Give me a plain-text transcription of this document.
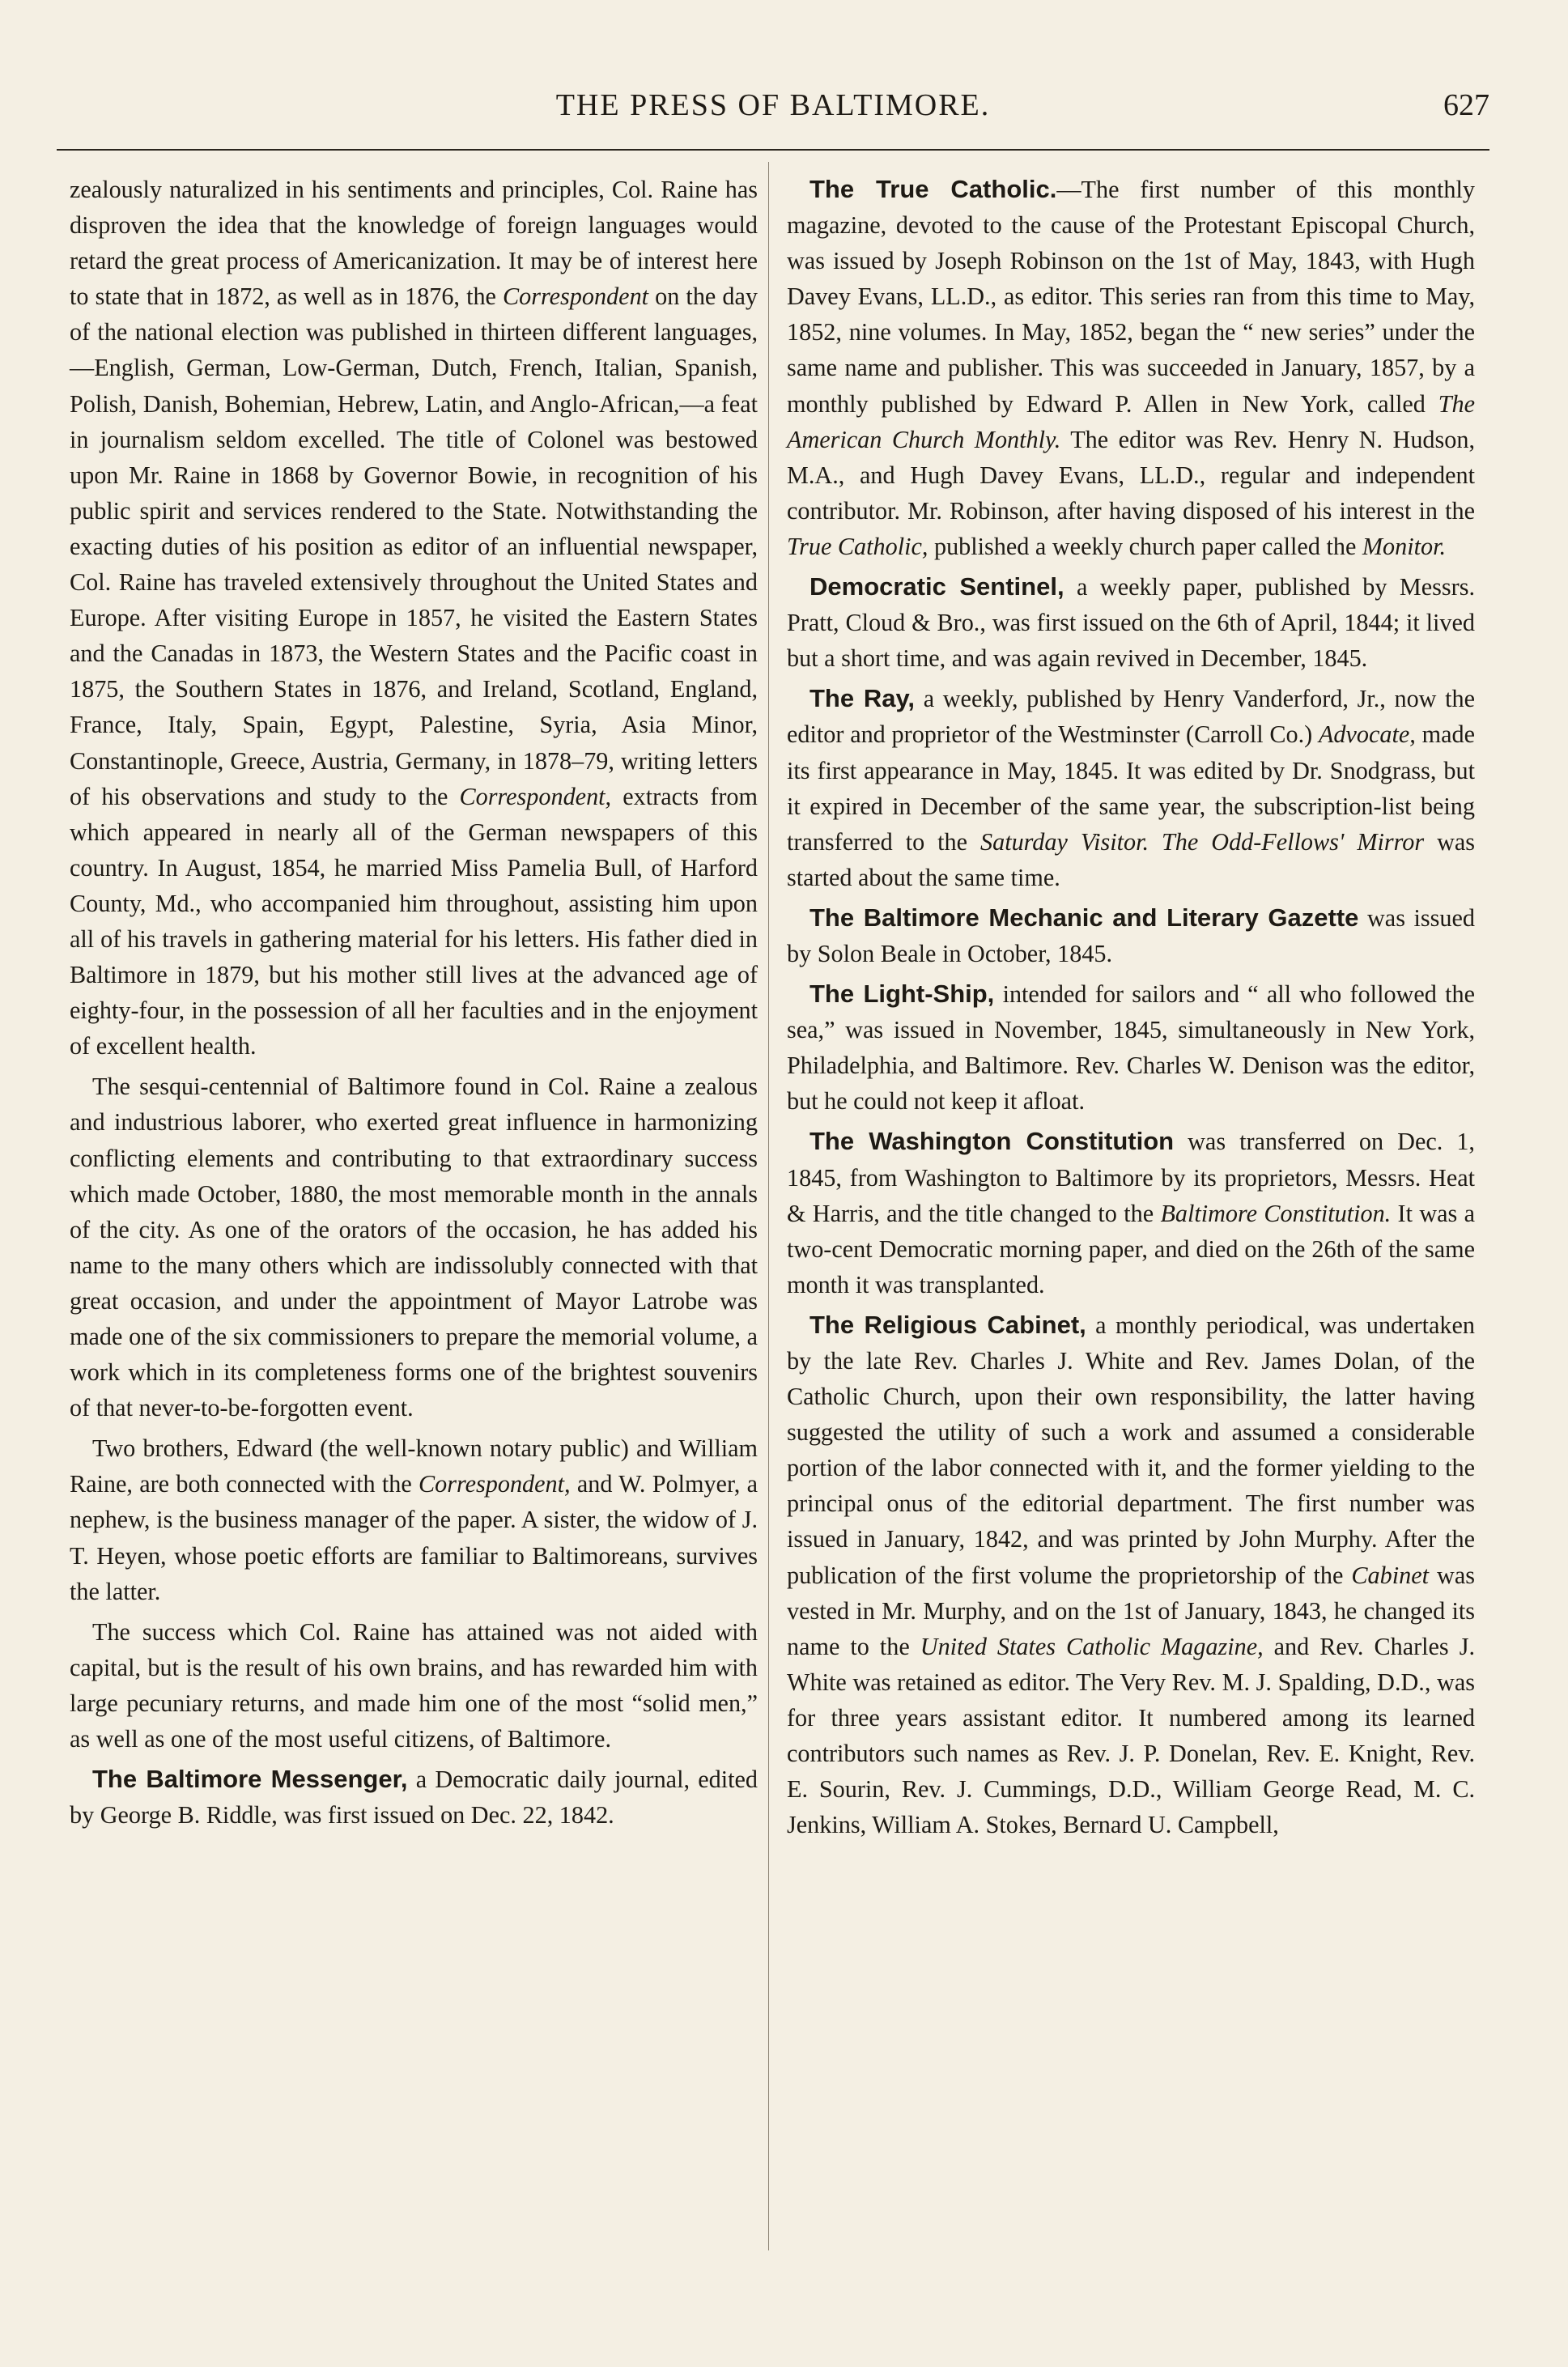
THE PRESS OF BALTIMORE.	627

zealously naturalized in his sentiments and principles, Col. Raine has disproven the idea that the knowledge of foreign languages would retard the great process of Americanization. It may be of interest here to state that in 1872, as well as in 1876, the Correspondent on the day of the national election was published in thirteen different languages,—English, German, Low-German, Dutch, French, Italian, Spanish, Polish, Danish, Bohemian, Hebrew, Latin, and Anglo-African,—a feat in journalism seldom excelled. The title of Colonel was bestowed upon Mr. Raine in 1868 by Governor Bowie, in recognition of his public spirit and services rendered to the State. Notwithstanding the exacting duties of his position as editor of an influential newspaper, Col. Raine has traveled extensively throughout the United States and Europe. After visiting Europe in 1857, he visited the Eastern States and the Canadas in 1873, the Western States and the Pacific coast in 1875, the Southern States in 1876, and Ireland, Scotland, England, France, Italy, Spain, Egypt, Palestine, Syria, Asia Minor, Constantinople, Greece, Austria, Germany, in 1878–79, writing letters of his observations and study to the Correspondent, extracts from which appeared in nearly all of the German newspapers of this country. In August, 1854, he married Miss Pamelia Bull, of Harford County, Md., who accompanied him throughout, assisting him upon all of his travels in gathering material for his letters. His father died in Baltimore in 1879, but his mother still lives at the advanced age of eighty-four, in the possession of all her faculties and in the enjoyment of excellent health.

The sesqui-centennial of Baltimore found in Col. Raine a zealous and industrious laborer, who exerted great influence in harmonizing conflicting elements and contributing to that extraordinary success which made October, 1880, the most memorable month in the annals of the city. As one of the orators of the occasion, he has added his name to the many others which are indissolubly connected with that great occasion, and under the appointment of Mayor Latrobe was made one of the six commissioners to prepare the memorial volume, a work which in its completeness forms one of the brightest souvenirs of that never-to-be-forgotten event.

Two brothers, Edward (the well-known notary public) and William Raine, are both connected with the Correspondent, and W. Polmyer, a nephew, is the business manager of the paper. A sister, the widow of J. T. Heyen, whose poetic efforts are familiar to Baltimoreans, survives the latter.

The success which Col. Raine has attained was not aided with capital, but is the result of his own brains, and has rewarded him with large pecuniary returns, and made him one of the most “solid men,” as well as one of the most useful citizens, of Baltimore.

The Baltimore Messenger, a Democratic daily journal, edited by George B. Riddle, was first issued on Dec. 22, 1842.

The True Catholic.—The first number of this monthly magazine, devoted to the cause of the Protestant Episcopal Church, was issued by Joseph Robinson on the 1st of May, 1843, with Hugh Davey Evans, LL.D., as editor. This series ran from this time to May, 1852, nine volumes. In May, 1852, began the “ new series” under the same name and publisher. This was succeeded in January, 1857, by a monthly published by Edward P. Allen in New York, called The American Church Monthly. The editor was Rev. Henry N. Hudson, M.A., and Hugh Davey Evans, LL.D., regular and independent contributor. Mr. Robinson, after having disposed of his interest in the True Catholic, published a weekly church paper called the Monitor.

Democratic Sentinel, a weekly paper, published by Messrs. Pratt, Cloud & Bro., was first issued on the 6th of April, 1844; it lived but a short time, and was again revived in December, 1845.

The Ray, a weekly, published by Henry Vanderford, Jr., now the editor and proprietor of the Westminster (Carroll Co.) Advocate, made its first appearance in May, 1845. It was edited by Dr. Snodgrass, but it expired in December of the same year, the subscription-list being transferred to the Saturday Visitor. The Odd-Fellows' Mirror was started about the same time.

The Baltimore Mechanic and Literary Gazette was issued by Solon Beale in October, 1845.

The Light-Ship, intended for sailors and “ all who followed the sea,” was issued in November, 1845, simultaneously in New York, Philadelphia, and Baltimore. Rev. Charles W. Denison was the editor, but he could not keep it afloat.

The Washington Constitution was transferred on Dec. 1, 1845, from Washington to Baltimore by its proprietors, Messrs. Heat & Harris, and the title changed to the Baltimore Constitution. It was a two-cent Democratic morning paper, and died on the 26th of the same month it was transplanted.

The Religious Cabinet, a monthly periodical, was undertaken by the late Rev. Charles J. White and Rev. James Dolan, of the Catholic Church, upon their own responsibility, the latter having suggested the utility of such a work and assumed a considerable portion of the labor connected with it, and the former yielding to the principal onus of the editorial department. The first number was issued in January, 1842, and was printed by John Murphy. After the publication of the first volume the proprietorship of the Cabinet was vested in Mr. Murphy, and on the 1st of January, 1843, he changed its name to the United States Catholic Magazine, and Rev. Charles J. White was retained as editor. The Very Rev. M. J. Spalding, D.D., was for three years assistant editor. It numbered among its learned contributors such names as Rev. J. P. Donelan, Rev. E. Knight, Rev. E. Sourin, Rev. J. Cummings, D.D., William George Read, M. C. Jenkins, William A. Stokes, Bernard U. Campbell,
